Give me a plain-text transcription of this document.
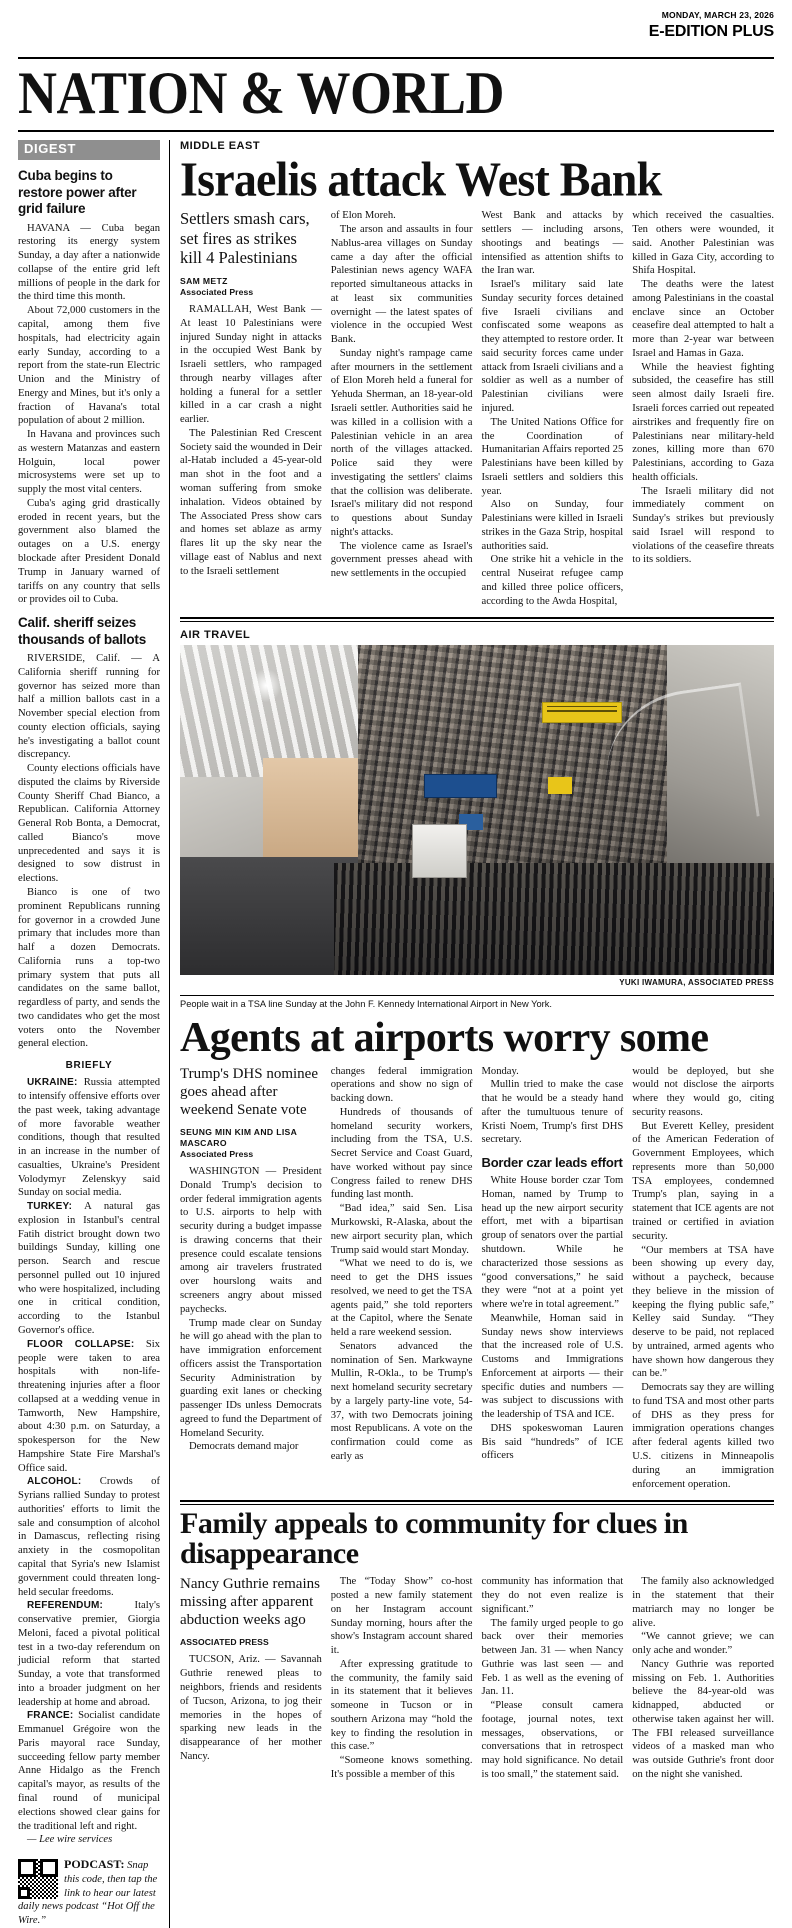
MONDAY, MARCH 23, 2026
E-EDITION PLUS
NATION & WORLD
DIGEST
Cuba begins to restore power after grid failure

HAVANA — Cuba began restoring its energy system Sunday, a day after a nationwide collapse of the entire grid left millions of people in the dark for the third time this month.

About 72,000 customers in the capital, among them five hospitals, had electricity again early Sunday, according to a report from the state-run Electric Union and the Ministry of Energy and Mines, but it's only a fraction of Havana's total population of about 2 million.

In Havana and provinces such as western Matanzas and eastern Holguin, local power microsystems were set up to supply the most vital centers.

Cuba's aging grid drastically eroded in recent years, but the government also blamed the outages on a U.S. energy blockade after President Donald Trump in January warned of tariffs on any country that sells or provides oil to Cuba.

Calif. sheriff seizes thousands of ballots

RIVERSIDE, Calif. — A California sheriff running for governor has seized more than half a million ballots cast in a November special election from county election officials, saying he's investigating a ballot count discrepancy.

County elections officials have disputed the claims by Riverside County Sheriff Chad Bianco, a Republican. California Attorney General Rob Bonta, a Democrat, called Bianco's move unprecedented and says it is designed to sow distrust in elections.

Bianco is one of two prominent Republicans running for governor in a crowded June primary that includes more than half a dozen Democrats. California runs a top-two primary system that puts all candidates on the same ballot, regardless of party, and sends the two candidates who get the most voters onto the November general election.

BRIEFLY

UKRAINE: Russia attempted to intensify offensive efforts over the past week, taking advantage of more favorable weather conditions, though that resulted in an increase in the number of casualties, Ukraine's President Volodymyr Zelenskyy said Sunday on social media.

TURKEY: A natural gas explosion in Istanbul's central Fatih district brought down two buildings Sunday, killing one person. Search and rescue personnel pulled out 10 injured who were hospitalized, including one in critical condition, according to the Istanbul Governor's office.

FLOOR COLLAPSE: Six people were taken to area hospitals with non-life-threatening injuries after a floor collapsed at a wedding venue in Tamworth, New Hampshire, about 4:30 p.m. on Saturday, a spokesperson for the New Hampshire State Fire Marshal's Office said.

ALCOHOL: Crowds of Syrians rallied Sunday to protest authorities' efforts to limit the sale and consumption of alcohol in Damascus, reflecting rising anxiety in the cosmopolitan capital that Syria's new Islamist government could threaten long-held secular freedoms.

REFERENDUM:	Italy's conservative premier, Giorgia Meloni, faced a pivotal political test in a two-day referendum on judicial reform that started Sunday, a vote that transformed into a broader judgment on her leadership at home and abroad.

FRANCE: Socialist candidate Emmanuel Grégoire won the Paris mayoral race Sunday, succeeding fellow party member Anne Hidalgo as the French capital's mayor, as results of the final round of municipal elections showed clear gains for the traditional left and right.

— Lee wire services

PODCAST: Snap this code, then tap the link to hear our latest daily news podcast “Hot Off the Wire.”
MIDDLE EAST
Israelis attack West Bank
Settlers smash cars, set fires as strikes kill 4 Palestinians
SAM METZ
Associated Press

RAMALLAH, West Bank — At least 10 Palestinians were injured Sunday night in attacks in the occupied West Bank by Israeli settlers, who rampaged through nearby villages after holding a funeral for a settler killed in a car crash a night earlier.

The Palestinian Red Crescent Society said the wounded in Deir al-Hatab included a 45-year-old man shot in the foot and a woman suffering from smoke inhalation. Videos obtained by The Associated Press show cars and homes set ablaze as army flares lit up the sky near the village east of Nablus and next to the Israeli settlement

of Elon Moreh.

The arson and assaults in four Nablus-area villages on Sunday came a day after the official Palestinian news agency WAFA reported simultaneous attacks in at least six communities overnight — the latest spates of violence in the occupied West Bank.

Sunday night's rampage came after mourners in the settlement of Elon Moreh held a funeral for Yehuda Sherman, an 18-year-old Israeli settler. Authorities said he was killed in a collision with a Palestinian vehicle in an area north of the villages attacked. Police said they were investigating the settlers' claims that the collision was deliberate. Israel's military did not respond to questions about Sunday night's attacks.

The violence came as Israel's government presses ahead with new settlements in the occupied

West Bank and attacks by settlers — including arsons, shootings and beatings — intensified as attention shifts to the Iran war.

Israel's military said late Sunday security forces detained five Israeli civilians and confiscated some weapons as they attempted to restore order. It said security forces came under attack from Israeli civilians and a soldier as well as a number of Palestinian civilians were injured.

The United Nations Office for the Coordination of Humanitarian Affairs reported 25 Palestinians have been killed by Israeli settlers and soldiers this year.

Also on Sunday, four Palestinians were killed in Israeli strikes in the Gaza Strip, hospital authorities said.

One strike hit a vehicle in the central Nuseirat refugee camp and killed three police officers, according to the Awda Hospital,

which received the casualties. Ten others were wounded, it said. Another Palestinian was killed in Gaza City, according to Shifa Hospital.

The deaths were the latest among Palestinians in the coastal enclave since an October ceasefire deal attempted to halt a more than 2-year war between Israel and Hamas in Gaza.

While the heaviest fighting subsided, the ceasefire has still seen almost daily Israeli fire. Israeli forces carried out repeated airstrikes and frequently fire on Palestinians near military-held zones, killing more than 670 Palestinians, according to Gaza health officials.

The Israeli military did not immediately comment on Sunday's strikes but previously said Israel will respond to violations of the ceasefire threats to its soldiers.

AIR TRAVEL
YUKI IWAMURA, ASSOCIATED PRESS
People wait in a TSA line Sunday at the John F. Kennedy International Airport in New York.
Agents at airports worry some
Trump's DHS nominee goes ahead after weekend Senate vote
SEUNG MIN KIM AND LISA MASCARO
Associated Press

WASHINGTON — President Donald Trump's decision to order federal immigration agents to U.S. airports to help with security during a budget impasse is drawing concerns that their presence could escalate tensions among air travelers frustrated over hourslong waits and screeners angry about missed paychecks.

Trump made clear on Sunday he will go ahead with the plan to have immigration enforcement officers assist the Transportation Security Administration by guarding exit lanes or checking passenger IDs unless Democrats agreed to fund the Department of Homeland Security.

Democrats demand major

changes federal immigration operations and show no sign of backing down.

Hundreds of thousands of homeland security workers, including from the TSA, U.S. Secret Service and Coast Guard, have worked without pay since Congress failed to renew DHS funding last month.

“Bad idea,” said Sen. Lisa Murkowski, R-Alaska, about the new airport security plan, which Trump said would start Monday.

“What we need to do is, we need to get the DHS issues resolved, we need to get the TSA agents paid,” she told reporters at the Capitol, where the Senate held a rare weekend session.

Senators advanced the nomination of Sen. Markwayne Mullin, R-Okla., to be Trump's next homeland security secretary by a largely party-line vote, 54-37, with two Democrats joining most Republicans. A vote on the confirmation could come as early as

Monday.

Mullin tried to make the case that he would be a steady hand after the tumultuous tenure of Kristi Noem, Trump's first DHS secretary.

Border czar leads effort

White House border czar Tom Homan, named by Trump to head up the new airport security effort, met with a bipartisan group of senators over the partial shutdown. While he characterized those sessions as “good conversations,” he said they were “not at a point yet where we're in total agreement.”

Meanwhile, Homan said in Sunday news show interviews that the increased role of U.S. Customs and Immigrations Enforcement at airports — their specific duties and numbers — was subject to discussions with the leadership of TSA and ICE.

DHS spokeswoman Lauren Bis said “hundreds” of ICE officers

would be deployed, but she would not disclose the airports where they would go, citing security reasons.

But Everett Kelley, president of the American Federation of Government Employees, which represents more than 50,000 TSA employees, condemned Trump's plan, saying in a statement that ICE agents are not trained or certified in aviation security.

“Our members at TSA have been showing up every day, without a paycheck, because they believe in the mission of keeping the flying public safe,” Kelley said Sunday. “They deserve to be paid, not replaced by untrained, armed agents who have shown how dangerous they can be.”

Democrats say they are willing to fund TSA and most other parts of DHS as they press for immigration operations changes after federal agents killed two U.S. citizens in Minneapolis during an immigration enforcement operation.

Family appeals to community for clues in disappearance
Nancy Guthrie remains missing after apparent abduction weeks ago
ASSOCIATED PRESS

TUCSON, Ariz. — Savannah Guthrie renewed pleas to neighbors, friends and residents of Tucson, Arizona, to jog their memories in the hopes of sparking new leads in the disappearance of her mother Nancy.

The “Today Show” co-host posted a new family statement on her Instagram account Sunday morning, hours after the show's Instagram account shared it.

After expressing gratitude to the community, the family said in its statement that it believes someone in Tucson or in southern Arizona may “hold the key to finding the resolution in this case.”

“Someone knows something. It's possible a member of this

community has information that they do not even realize is significant.”

The family urged people to go back over their memories between Jan. 31 — when Nancy Guthrie was last seen — and Feb. 1 as well as the evening of Jan. 11.

“Please consult camera footage, journal notes, text messages, observations, or conversations that in retrospect may hold significance. No detail is too small,” the statement said.

The family also acknowledged in the statement that their matriarch may no longer be alive.

“We cannot grieve; we can only ache and wonder.”

Nancy Guthrie was reported missing on Feb. 1. Authorities believe the 84-year-old was kidnapped, abducted or otherwise taken against her will. The FBI released surveillance videos of a masked man who was outside Guthrie's front door on the night she vanished.
